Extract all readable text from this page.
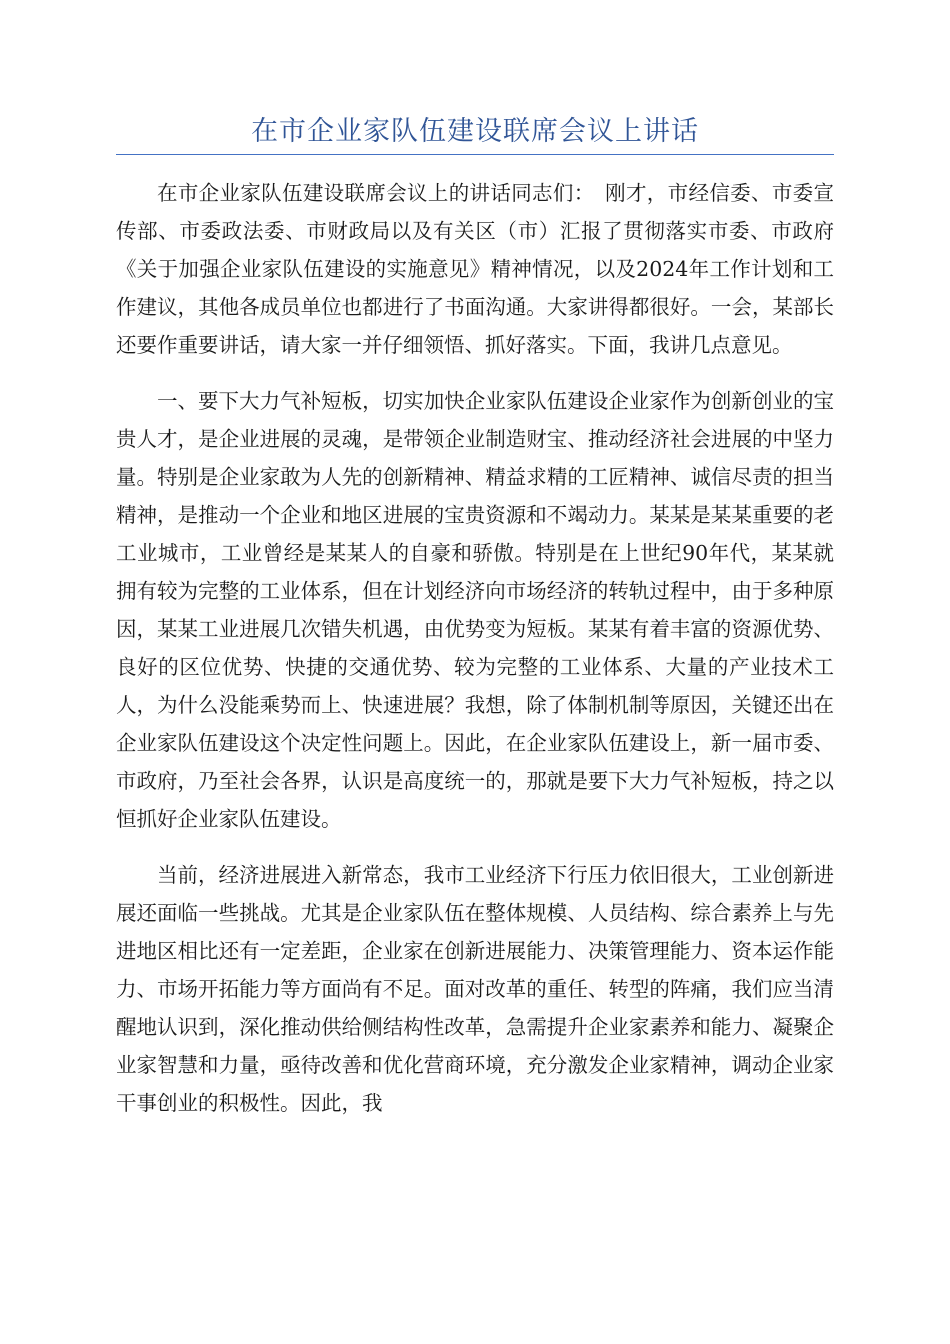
在市企业家队伍建设联席会议上讲话

在市企业家队伍建设联席会议上的讲话同志们：　刚才，市经信委、市委宣传部、市委政法委、市财政局以及有关区（市）汇报了贯彻落实市委、市政府《关于加强企业家队伍建设的实施意见》精神情况，以及2024年工作计划和工作建议，其他各成员单位也都进行了书面沟通。大家讲得都很好。一会，某部长还要作重要讲话，请大家一并仔细领悟、抓好落实。下面，我讲几点意见。

一、要下大力气补短板，切实加快企业家队伍建设企业家作为创新创业的宝贵人才，是企业进展的灵魂，是带领企业制造财宝、推动经济社会进展的中坚力量。特别是企业家敢为人先的创新精神、精益求精的工匠精神、诚信尽责的担当精神，是推动一个企业和地区进展的宝贵资源和不竭动力。某某是某某重要的老工业城市，工业曾经是某某人的自豪和骄傲。特别是在上世纪90年代，某某就拥有较为完整的工业体系，但在计划经济向市场经济的转轨过程中，由于多种原因，某某工业进展几次错失机遇，由优势变为短板。某某有着丰富的资源优势、良好的区位优势、快捷的交通优势、较为完整的工业体系、大量的产业技术工人，为什么没能乘势而上、快速进展？我想，除了体制机制等原因，关键还出在企业家队伍建设这个决定性问题上。因此，在企业家队伍建设上，新一届市委、市政府，乃至社会各界，认识是高度统一的，那就是要下大力气补短板，持之以恒抓好企业家队伍建设。

当前，经济进展进入新常态，我市工业经济下行压力依旧很大，工业创新进展还面临一些挑战。尤其是企业家队伍在整体规模、人员结构、综合素养上与先进地区相比还有一定差距，企业家在创新进展能力、决策管理能力、资本运作能力、市场开拓能力等方面尚有不足。面对改革的重任、转型的阵痛，我们应当清醒地认识到，深化推动供给侧结构性改革，急需提升企业家素养和能力、凝聚企业家智慧和力量，亟待改善和优化营商环境，充分激发企业家精神，调动企业家干事创业的积极性。因此，我
